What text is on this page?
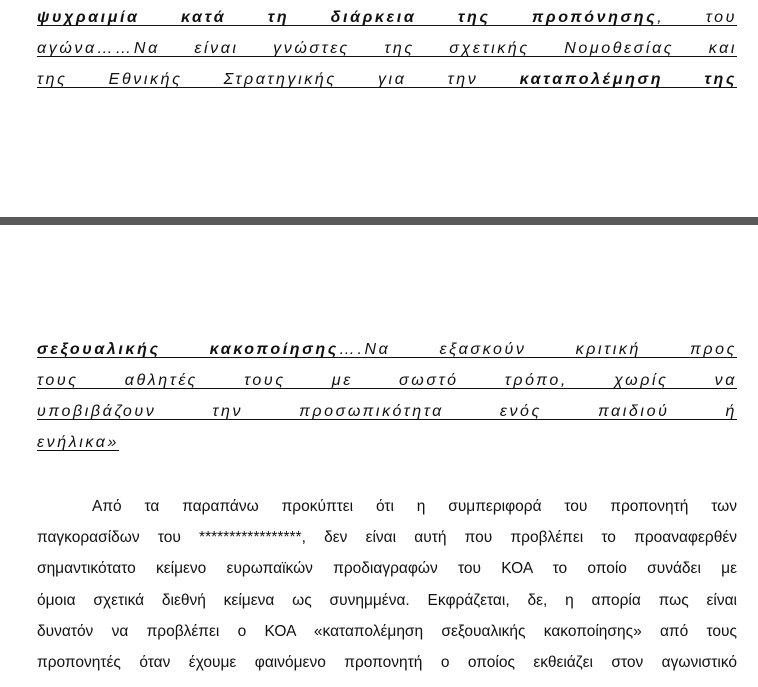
ψυχραιμία κατά τη διάρκεια της προπόνησης, του
αγώνα……Να είναι γνώστες της σχετικής Νομοθεσίας και
της Εθνικής Στρατηγικής για την καταπολέμηση της
σεξουαλικής κακοποίησης….Να εξασκούν κριτική προς
τους αθλητές τους με σωστό τρόπο, χωρίς να
υποβιβάζουν την προσωπικότητα ενός παιδιού ή
ενήλικα»
Από τα παραπάνω προκύπτει ότι η συμπεριφορά του προπονητή των
παγκορασίδων του *****************, δεν είναι αυτή που προβλέπει το προαναφερθέν
σημαντικότατο κείμενο ευρωπαϊκών προδιαγραφών του ΚΟΑ το οποίο συνάδει με
όμοια σχετικά διεθνή κείμενα ως συνημμένα. Εκφράζεται, δε, η απορία πως είναι
δυνατόν να προβλέπει ο ΚΟΑ «καταπολέμηση σεξουαλικής κακοποίησης» από τους
προπονητές όταν έχουμε φαινόμενο προπονητή ο οποίος εκθειάζει στον αγωνιστικό
